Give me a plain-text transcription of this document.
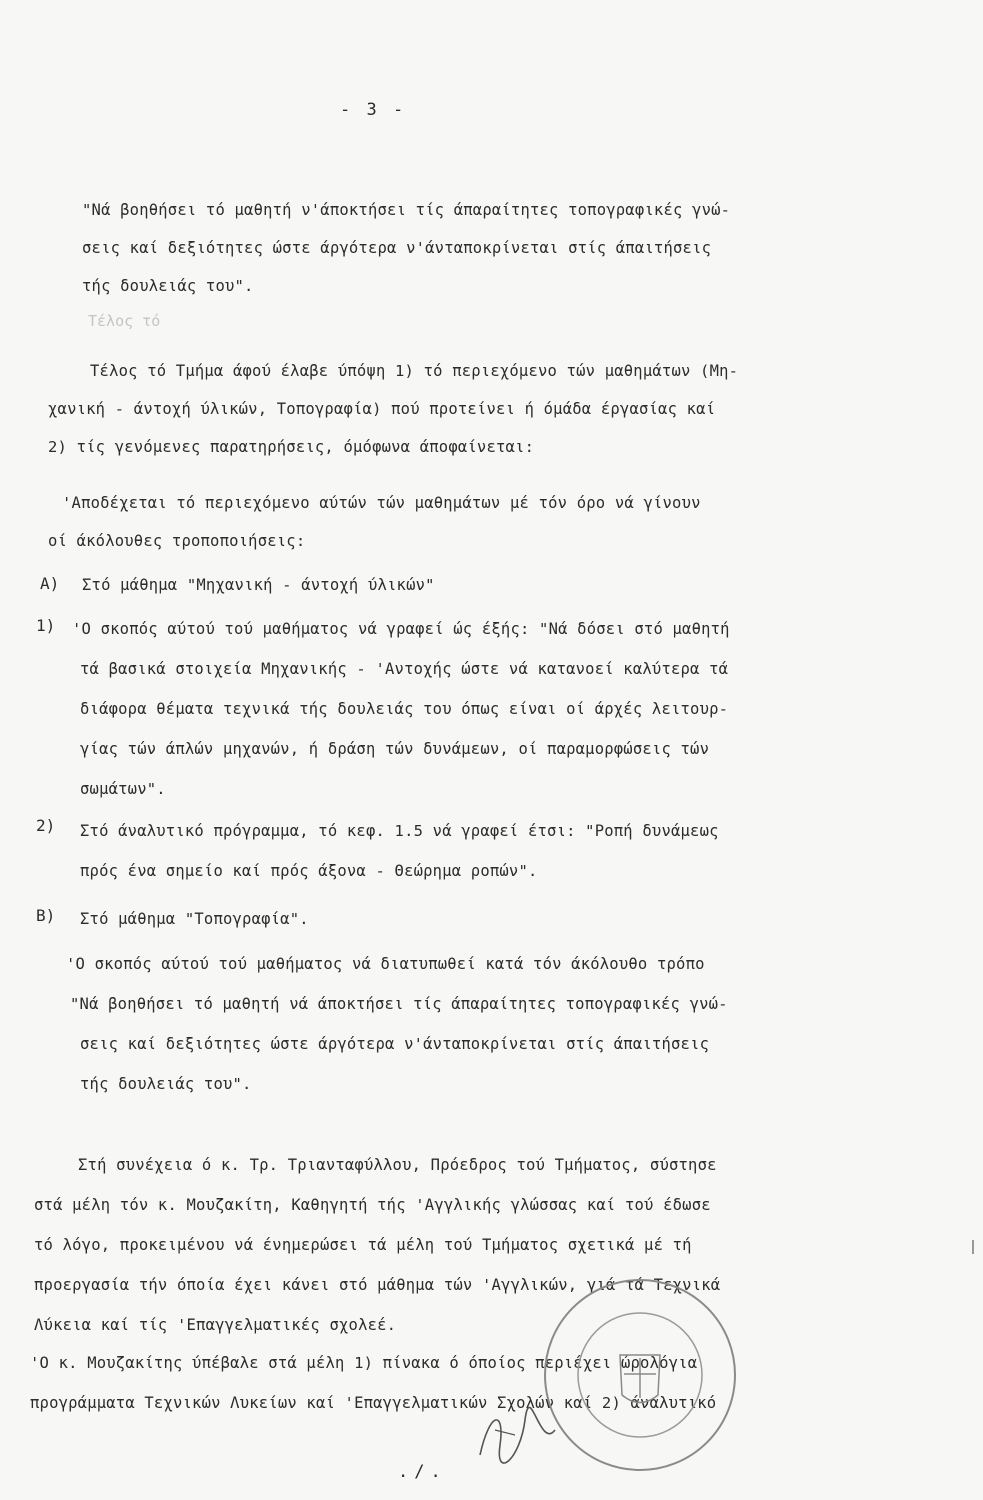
- 3 -
Τέλος τό
"Νά βοηθήσει τό μαθητή ν'άποκτήσει τίς άπαραίτητες τοπογραφικές γνώ-
σεις καί δεξιότητες ώστε άργότερα ν'άνταποκρίνεται στίς άπαιτήσεις
τής δουλειάς του".
Τέλος τό Τμήμα άφού έλαβε ύπόψη 1) τό περιεχόμενο τών μαθημάτων (Μη-
χανική - άντοχή ύλικών, Τοπογραφία) πού προτείνει ή όμάδα έργασίας καί
2) τίς γενόμενες παρατηρήσεις, όμόφωνα άποφαίνεται:
'Αποδέχεται τό περιεχόμενο αύτών τών μαθημάτων μέ τόν όρο νά γίνουν
οί άκόλουθες τροποποιήσεις:
A) Στό μάθημα "Μηχανική - άντοχή ύλικών"
1) 'Ο σκοπός αύτού τού μαθήματος νά γραφεί ώς έξής: "Νά δόσει στό μαθητή
τά βασικά στοιχεία Μηχανικής - 'Αντοχής ώστε νά κατανοεί καλύτερα τά
διάφορα θέματα τεχνικά τής δουλειάς του όπως είναι οί άρχές λειτουρ-
γίας τών άπλών μηχανών, ή δράση τών δυνάμεων, οί παραμορφώσεις τών
σωμάτων".
2) Στό άναλυτικό πρόγραμμα, τό κεφ. 1.5 νά γραφεί έτσι: "Ροπή δυνάμεως
πρός ένα σημείο καί πρός άξονα - Θεώρημα ροπών".
B) Στό μάθημα "Τοπογραφία".
'Ο σκοπός αύτού τού μαθήματος νά διατυπωθεί κατά τόν άκόλουθο τρόπο
"Νά βοηθήσει τό μαθητή νά άποκτήσει τίς άπαραίτητες τοπογραφικές γνώ-
σεις καί δεξιότητες ώστε άργότερα ν'άνταποκρίνεται στίς άπαιτήσεις
τής δουλειάς του".
Στή συνέχεια ό κ. Τρ. Τριανταφύλλου, Πρόεδρος τού Τμήματος, σύστησε
στά μέλη τόν κ. Μουζακίτη, Καθηγητή τής 'Αγγλικής γλώσσας καί τού έδωσε
τό λόγο, προκειμένου νά ένημερώσει τά μέλη τού Τμήματος σχετικά μέ τή
προεργασία τήν όποία έχει κάνει στό μάθημα τών 'Αγγλικών, γιά τά Τεχνικά
Λύκεια καί τίς 'Επαγγελματικές σχολεέ.
'Ο κ. Μουζακίτης ύπέβαλε στά μέλη 1) πίνακα ό όποίος περιέχει ώρολόγια
προγράμματα Τεχνικών Λυκείων καί 'Επαγγελματικών Σχολών καί 2) άναλυτικό
./.
